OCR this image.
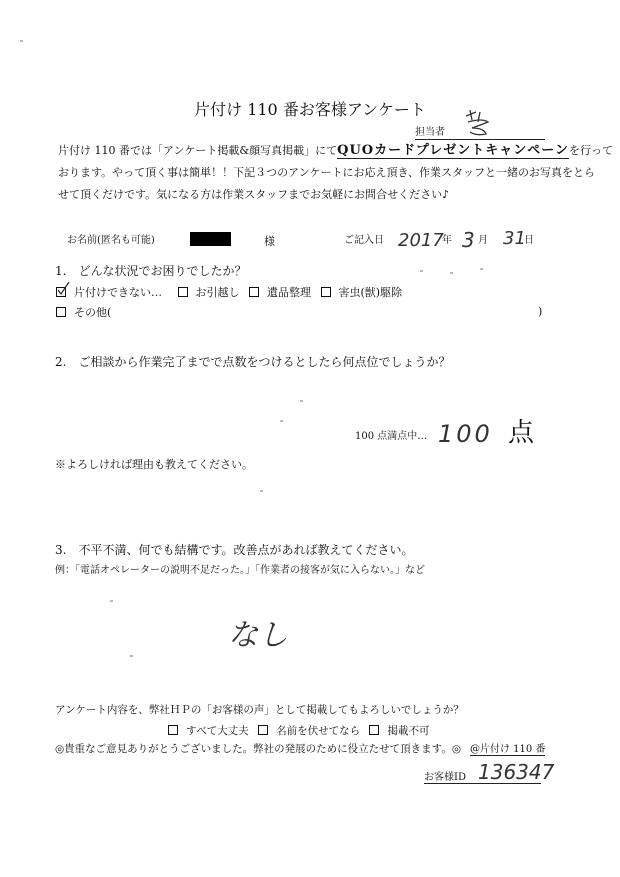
片付け 110 番お客様アンケート
担当者
片付け 110 番では「アンケート掲載&顔写真掲載」にてQUOカードプレゼントキャンペーンを行って
おります。やって頂く事は簡単！！下記３つのアンケートにお応え頂き、作業スタッフと一緒のお写真をとら
せて頂くだけです。気になる方は作業スタッフまでお気軽にお問合せください♪
お名前(匿名も可能)	様	ご記入日 2017
年 3 月 31
日
1.　どんな状況でお困りでしたか？
片付けできない…	お引越し	遺品整理	害虫(獣)駆除
その他(	)
2.　ご相談から作業完了までで点数をつけるとしたら何点位でしょうか？
100 点満点中… 100 点
※よろしければ理由も教えてください。
3.　不平不満、何でも結構です。改善点があれば教えてください。
例：「電話オペレーターの説明不足だった。」「作業者の接客が気に入らない。」など
なし
アンケート内容を、弊社ＨＰの「お客様の声」として掲載してもよろしいでしょうか？
すべて大丈夫	名前を伏せてなら	掲載不可
◎貴重なご意見ありがとうございました。弊社の発展のために役立たせて頂きます。◎ @片付け 110 番
お客様ID 136347
